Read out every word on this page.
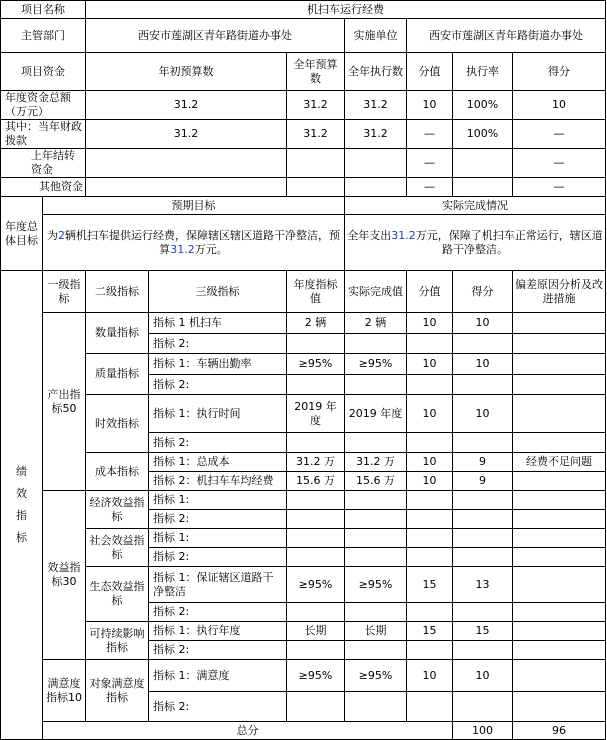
项目名称		机扫车运行经费							
主管部门		西安市莲湖区青年路街道办事处			实施单位	西安市莲湖区青年路街道办事处			
项目资金		年初预算数		全年预算数	全年执行数	分值	执行率	得分	
年度资金总额（万元）		31.2		31.2	31.2	10	100%	10	
其中：当年财政拨款		31.2		31.2	31.2	—	100%	—	
上年结转资金						—		—	
其他资金						—		—	
年度总体目标	预期目标				实际完成情况				
	为2辆机扫车提供运行经费，保障辖区辖区道路干净整洁，预算31.2万元。				全年支出31.2万元，保障了机扫车正常运行，辖区道路干净整洁。				

绩效指标	一级指标	二级指标	三级指标	年度指标值	实际完成值	分值	得分	偏差原因分析及改进措施	
	产出指标50	数量指标	指标 1 机扫车	2 辆	2 辆	10	10		
			指标 2:						
		质量指标	指标 1：车辆出勤率	≥95%	≥95%	10	10		
			指标 2:						
		时效指标	指标 1：执行时间	2019 年度	2019 年度	10	10		
			指标 2:						
		成本指标	指标 1：总成本	31.2 万	31.2 万	10	9	经费不足问题	
			指标 2：机扫车车均经费	15.6 万	15.6 万	10	9		
	效益指标30	经济效益指标	指标 1:						
			指标 2:						
		社会效益指标	指标 1:						
			指标 2:						
		生态效益指标	指标 1：保证辖区道路干净整洁	≥95%	≥95%	15	13		
			指标 2:						
		可持续影响指标	指标 1：执行年度	长期	长期	15	15		
			指标 2:						
	满意度指标10	对象满意度指标	指标 1：满意度	≥95%	≥95%	10	10		
			指标 2:						
	总分						100	96	
